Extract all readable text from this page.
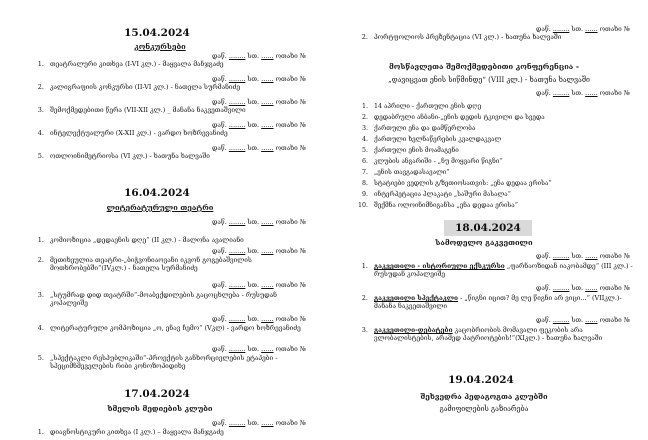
15.04.2024
კონკურსები
დაწ. ........ სთ. ...... ოთახი №
1. თეატრალური კითხვა (I-VI კლ.) - მაყვალა მანჯგაძე
დაწ. ........ სთ. ...... ოთახი №
2. კალიგრაფიის კონკურსი (II-VI კლ.) - ნათელა სურმანიძე
დაწ. ........ სთ. ...... ოთახი №
3. შემოქმედებითი წერა (VII-XII კლ.) _ მანანა ნაკვეთაშვილი
დაწ. ........ სთ. ...... ოთახი №
4. ინტელექტუალური (X-XII კლ.) - ვარდო ხოზრევანიძე
დაწ. ........ სთ. ...... ოთახი №
5. ოთლოინიმეტრიოსა (VI კლ.) - ხათუნა ხალვაში
16.04.2024
ლიტერატურული თეატრი
დაწ. ........ სთ. ...... ოთახი №
1. კომიოზიცია „დედაენის დღე“ (II კლ.) - მალონა ავალიანი
დაწ. ........ სთ. ...... ოთახი №
2. მეთიხეულია თეატრი-„ბიჭვონიაოვანი იკვონ გოგებაშვილის მოთხრობებში“(IVკლ.) - ნათელა სურმანიძე
დაწ. ........ სთ. ...... ოთახი №
3. „სტუმრად დიდ თეატრში“-მოაბექდილების გაცოცხლება - რუსუდან კოპალეიშე
დაწ. ........ სთ. ...... ოთახი №
4. ლიტერატურული კომპოზიცია „ო, ენავ ჩემო“ (Vკლ) - ვარდო ხოზრევანიძე
დაწ. ........ სთ. ...... ოთახი №
5. „სპექტაკლი რესპუბლიკაში“-პროექტის განხორციელების ეტაპები - სპეციმნმეველების რიბი კონოზოპიდიხე
17.04.2024
ხმელის მედიების კლუბი
დაწ. ........ სთ. ...... ოთახი №
1. დიაგნოსტიკური კითხვა (I კლ.) – მაყვალა მანჯგაძე
დაწ. ........ სთ. ...... ოთახი №
2. პორტფოლიოს პრეზენტაცია (VI კლ.) - ხათუნა ხალვაში
მოსწავლეთა შემოქმედებითი კონფერენცია -
„დავიცვათ ენის სიწმინდე“ (VIII კლ.) - ხათუნა ხალვაში
დაწ. ........ სთ. ...... ოთახი №
1. 14 აპრილი - ქართული ენის დღე
2. დედაბრული ანბანი-„ენის დედის ტკივილი და სვედა
3. ქართული ენა და დამწერლობა
4. ქართული ხელნაწერების კვალდაკვალ
5. ქართული ენის მოამაგენი
6. კლუბის ანგარიში - „ნუ მოყვარი წიგნი“
7. „ენის თავგადასავალი“
8. სტატიები ვედლის გ/ზეთიოსათვის: „ენა დედაა ერისა“
9. ინტერპეტაცია პლაკატი „საშური მასალა“
10. შექმნა ოლოინიმნიგანსა „ენა დედაა ერისა“
18.04.2024
სამოდელო გაკვეთილი
დაწ. ........ სთ. ...... ოთახი №
1. გაკვეთილი - ისტორიული ექსკურსი „ფარნაოზიდან იაკობამდე“ (III კლ.) - რუსუდან კოპალეიშე
დაწ. ........ სთ. ...... ოთახი №
2. გაკვეთილი სპექტაკლი - „წიგნი იცით? მე ლე წიგნი არ ვიცი...“ (VIIკლ.)- მანანა ნაკვეთაშვილი
დაწ. ........ სთ. ...... ოთახი №
3. გაკვეთილი-დებატები კაცობრიობის მომავალი ფეკობის არა ვლობალისტების, არამედ პატრიოტების!“(XIკლ.) - ხათუნა ხალვაში
19.04.2024
შეხვედრა პედაგოგთა კლუბში
გამიფილების გაზიარება
